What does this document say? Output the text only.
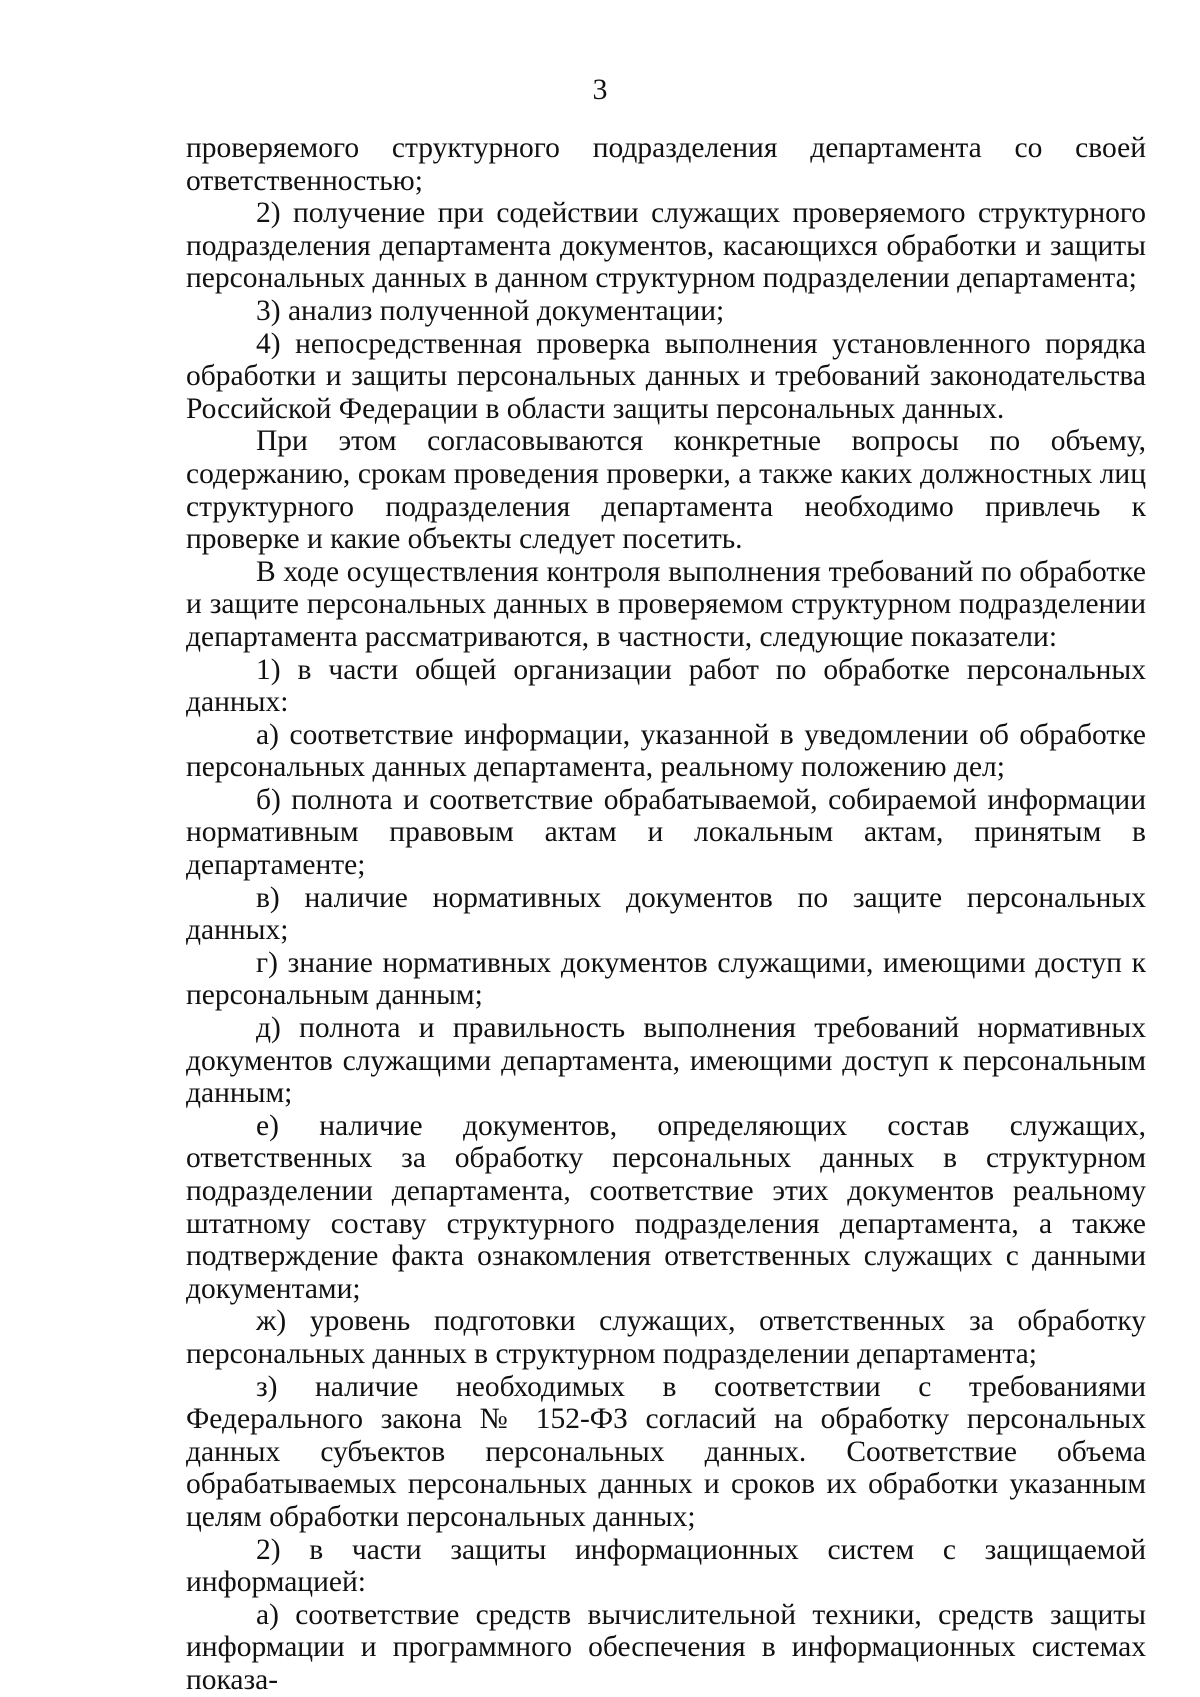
3

проверяемого структурного подразделения департамента со своей ответственностью;

2) получение при содействии служащих проверяемого структурного подразделения департамента документов, касающихся обработки и защиты персональных данных в данном структурном подразделении департамента;

3) анализ полученной документации;

4) непосредственная проверка выполнения установленного порядка обработки и защиты персональных данных и требований законодательства Российской Федерации в области защиты персональных данных.

При этом согласовываются конкретные вопросы по объему, содержанию, срокам проведения проверки, а также каких должностных лиц структурного подразделения департамента необходимо привлечь к проверке и какие объекты следует посетить.

В ходе осуществления контроля выполнения требований по обработке и защите персональных данных в проверяемом структурном подразделении департамента рассматриваются, в частности, следующие показатели:

1) в части общей организации работ по обработке персональных данных:

а) соответствие информации, указанной в уведомлении об обработке персональных данных департамента, реальному положению дел;

б) полнота и соответствие обрабатываемой, собираемой информации нормативным правовым актам и локальным актам, принятым в департаменте;

в) наличие нормативных документов по защите персональных данных;

г) знание нормативных документов служащими, имеющими доступ к персональным данным;

д) полнота и правильность выполнения требований нормативных документов служащими департамента, имеющими доступ к персональным данным;

е) наличие документов, определяющих состав служащих, ответственных за обработку персональных данных в структурном подразделении департамента, соответствие этих документов реальному штатному составу структурного подразделения департамента, а также подтверждение факта ознакомления ответственных служащих с данными документами;

ж) уровень подготовки служащих, ответственных за обработку персональных данных в структурном подразделении департамента;

з) наличие необходимых в соответствии с требованиями Федерального закона № 152-ФЗ согласий на обработку персональных данных субъектов персональных данных. Соответствие объема обрабатываемых персональных данных и сроков их обработки указанным целям обработки персональных данных;

2) в части защиты информационных систем с защищаемой информацией:

а) соответствие средств вычислительной техники, средств защиты информации и программного обеспечения в информационных системах показа-
